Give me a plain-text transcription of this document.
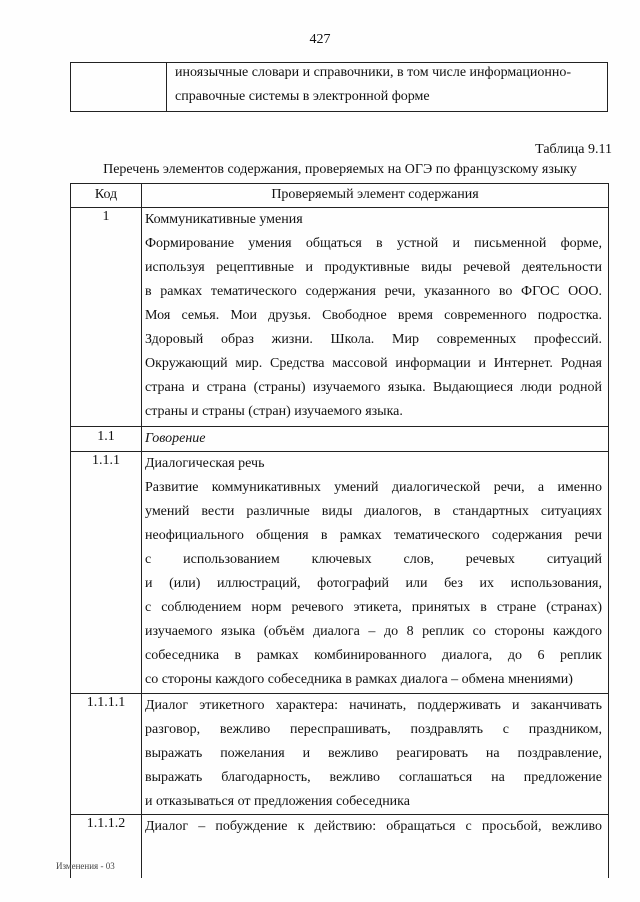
427
иноязычные словари и справочники, в том числе информационно-
справочные системы в электронной форме
Таблица 9.11
Перечень элементов содержания, проверяемых на ОГЭ по французскому языку
Код	Проверяемый элемент содержания
1	Коммуникативные умения
Формирование умения общаться в устной и письменной форме,
используя рецептивные и продуктивные виды речевой деятельности
в рамках тематического содержания речи, указанного во ФГОС ООО.
Моя семья. Мои друзья. Свободное время современного подростка.
Здоровый образ жизни. Школа. Мир современных профессий.
Окружающий мир. Средства массовой информации и Интернет. Родная
страна и страна (страны) изучаемого языка. Выдающиеся люди родной
страны и страны (стран) изучаемого языка.
1.1	Говорение
1.1.1	Диалогическая речь
Развитие коммуникативных умений диалогической речи, а именно
умений вести различные виды диалогов, в стандартных ситуациях
неофициального общения в рамках тематического содержания речи
с использованием ключевых слов, речевых ситуаций
и (или) иллюстраций, фотографий или без их использования,
с соблюдением норм речевого этикета, принятых в стране (странах)
изучаемого языка (объём диалога – до 8 реплик со стороны каждого
собеседника в рамках комбинированного диалога, до 6 реплик
со стороны каждого собеседника в рамках диалога – обмена мнениями)
1.1.1.1	Диалог этикетного характера: начинать, поддерживать и заканчивать
разговор, вежливо переспрашивать, поздравлять с праздником,
выражать пожелания и вежливо реагировать на поздравление,
выражать благодарность, вежливо соглашаться на предложение
и отказываться от предложения собеседника
1.1.1.2	Диалог – побуждение к действию: обращаться с просьбой, вежливо
Изменения - 03
